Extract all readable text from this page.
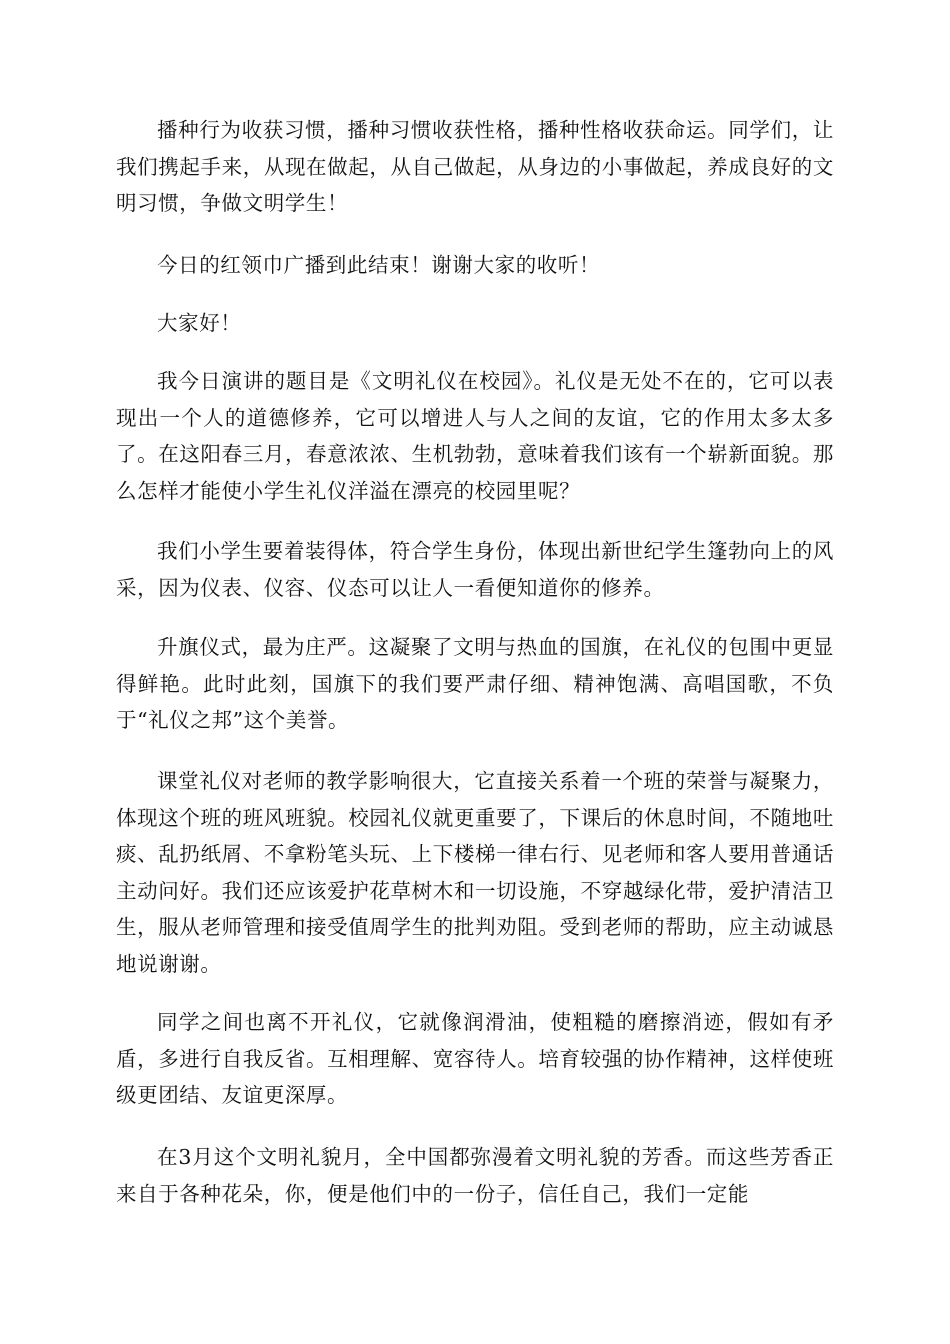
播种行为收获习惯，播种习惯收获性格，播种性格收获命运。同学们，让我们携起手来，从现在做起，从自己做起，从身边的小事做起，养成良好的文明习惯，争做文明学生！

今日的红领巾广播到此结束！谢谢大家的收听！

大家好！

我今日演讲的题目是《文明礼仪在校园》。礼仪是无处不在的，它可以表现出一个人的道德修养，它可以增进人与人之间的友谊，它的作用太多太多了。在这阳春三月，春意浓浓、生机勃勃，意味着我们该有一个崭新面貌。那么怎样才能使小学生礼仪洋溢在漂亮的校园里呢？

我们小学生要着装得体，符合学生身份，体现出新世纪学生篷勃向上的风采，因为仪表、仪容、仪态可以让人一看便知道你的修养。

升旗仪式，最为庄严。这凝聚了文明与热血的国旗，在礼仪的包围中更显得鲜艳。此时此刻，国旗下的我们要严肃仔细、精神饱满、高唱国歌，不负于“礼仪之邦”这个美誉。

课堂礼仪对老师的教学影响很大，它直接关系着一个班的荣誉与凝聚力，体现这个班的班风班貌。校园礼仪就更重要了，下课后的休息时间，不随地吐痰、乱扔纸屑、不拿粉笔头玩、上下楼梯一律右行、见老师和客人要用普通话主动问好。我们还应该爱护花草树木和一切设施，不穿越绿化带，爱护清洁卫生，服从老师管理和接受值周学生的批判劝阻。受到老师的帮助，应主动诚恳地说谢谢。

同学之间也离不开礼仪，它就像润滑油，使粗糙的磨擦消迹，假如有矛盾，多进行自我反省。互相理解、宽容待人。培育较强的协作精神，这样使班级更团结、友谊更深厚。

在3月这个文明礼貌月，全中国都弥漫着文明礼貌的芳香。而这些芳香正来自于各种花朵，你，便是他们中的一份子，信任自己，我们一定能
